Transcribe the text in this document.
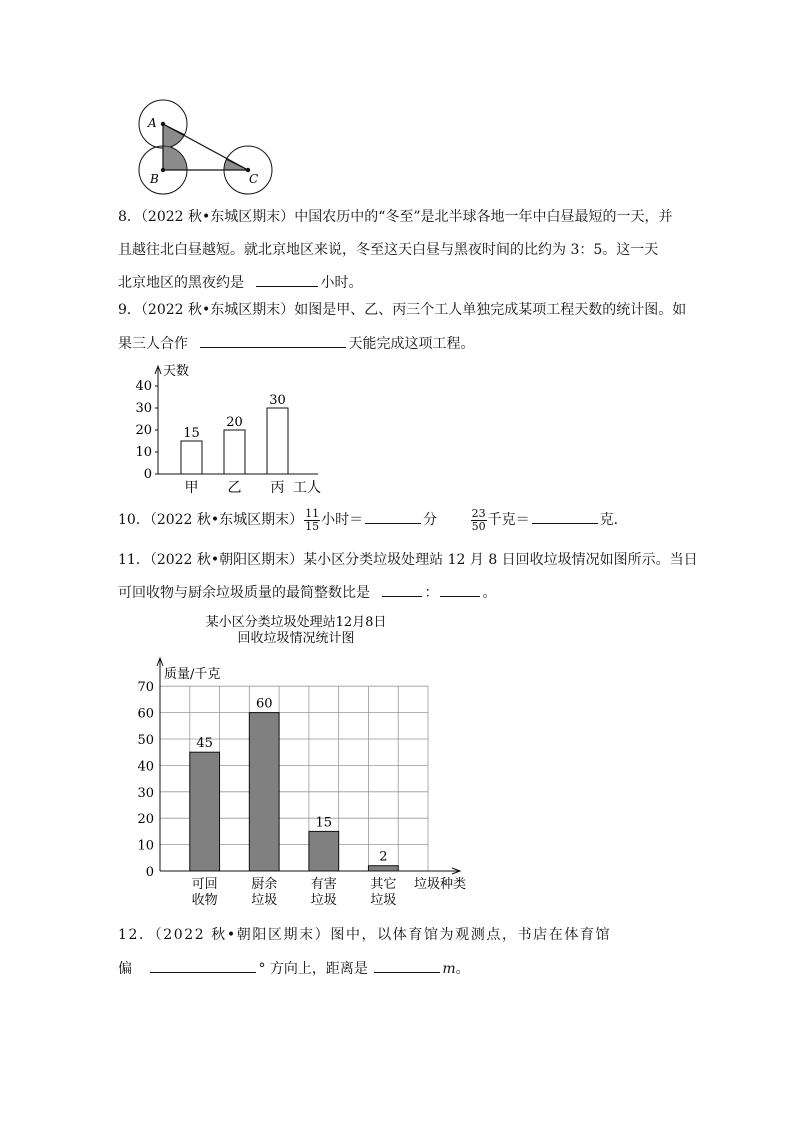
A
B	C
8．（2022 秋•东城区期末）中国农历中的“冬至”是北半球各地一年中白昼最短的一天，并
且越往北白昼越短。就北京地区来说，冬至这天白昼与黑夜时间的比约为 3：5。这一天
北京地区的黑夜约是	小时。
9．（2022 秋•东城区期末）如图是甲、乙、丙三个工人单独完成某项工程天数的统计图。如
果三人合作	天能完成这项工程。
0
10
20
30
40
天数
15
甲
20
乙
30
丙 工人
10．（2022 秋•东城区期末） $\frac{11}{15}$ 小时＝	分	$\frac{23}{50}$ 千克＝	克．
11．（2022 秋•朝阳区期末）某小区分类垃圾处理站 12 月 8 日回收垃圾情况如图所示。当日
可回收物与厨余垃圾质量的最简整数比是	：	。
某小区分类垃圾处理站12月8日
回收垃圾情况统计图
0
10
20
30
40
50
60
70
质量/千克
45
可回
收物
60
厨余
垃圾
15
有害
垃圾
2
其它
垃圾
垃圾种类
12．（2022 秋•朝阳区期末）图中，以体育馆为观测点，书店在体育馆
偏	° 方向上，距离是	m。
